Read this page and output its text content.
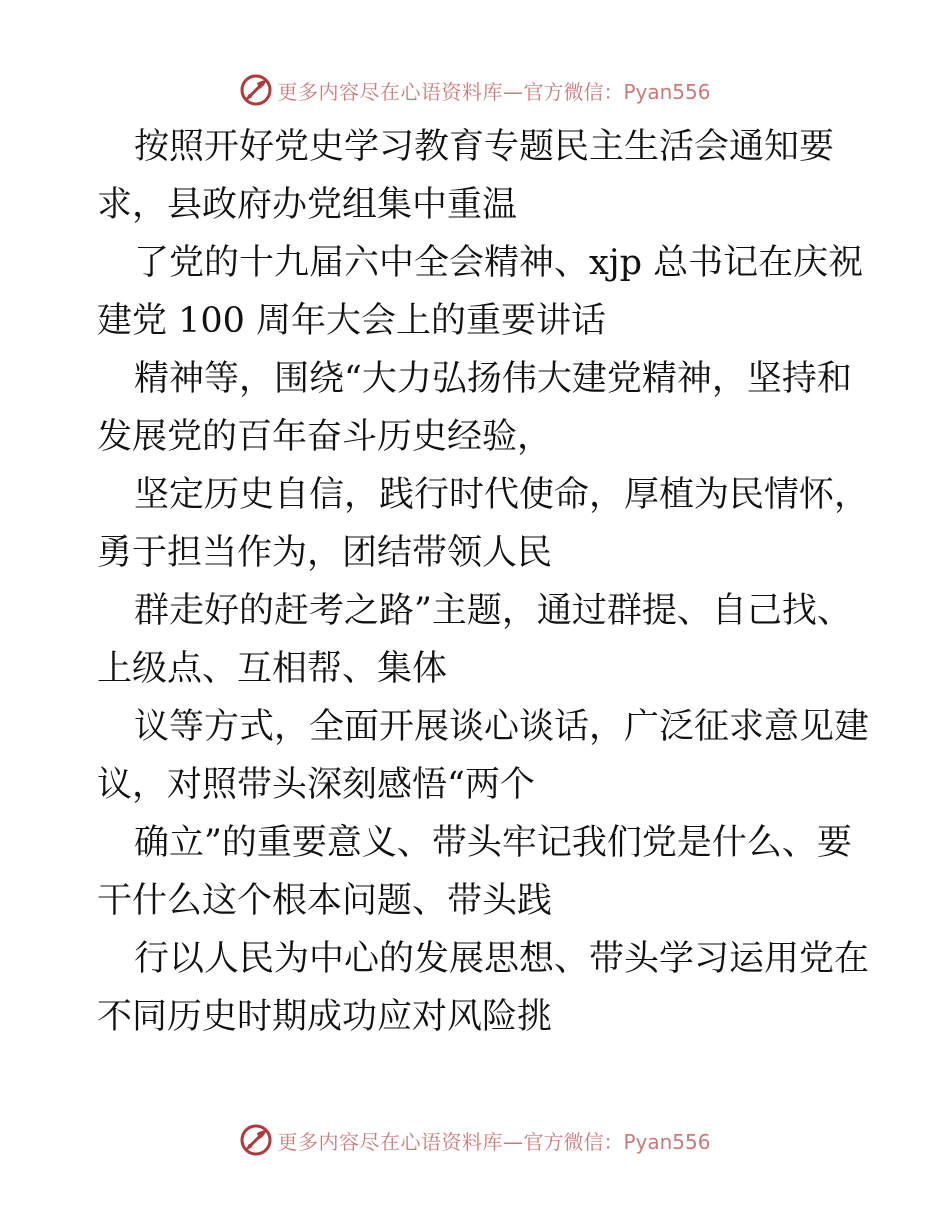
更多内容尽在心语资料库— 官方微信：Pyan556

按照开好党史学习教育专题民主生活会通知要
求，县政府办党组集中重温

了党的十九届六中全会精神、xjp 总书记在庆祝
建党 100 周年大会上的重要讲话

精神等，围绕“大力弘扬伟大建党精神，坚持和
发展党的百年奋斗历史经验，

坚定历史自信，践行时代使命，厚植为民情怀，
勇于担当作为，团结带领人民

群走好的赶考之路”主题，通过群提、自己找、
上级点、互相帮、集体

议等方式，全面开展谈心谈话，广泛征求意见建
议，对照带头深刻感悟“两个

确立”的重要意义、带头牢记我们党是什么、要
干什么这个根本问题、带头践

行以人民为中心的发展思想、带头学习运用党在
不同历史时期成功应对风险挑

更多内容尽在心语资料库— 官方微信：Pyan556
